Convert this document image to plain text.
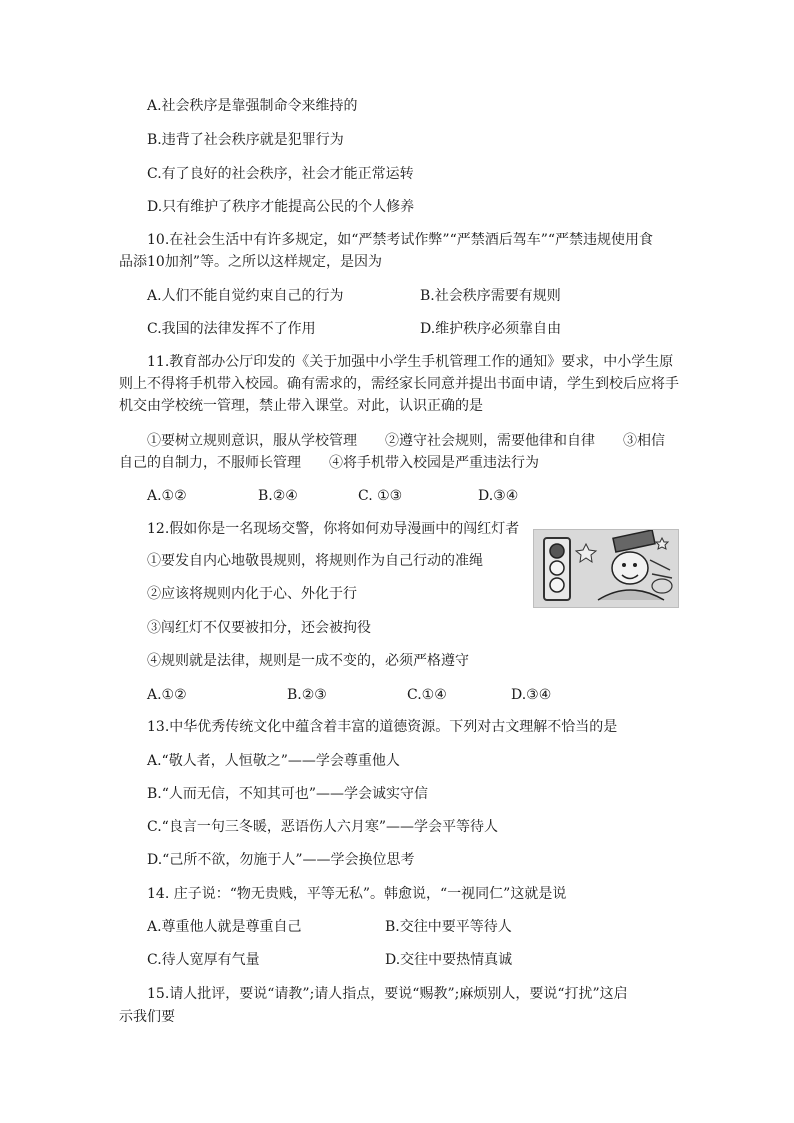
A.社会秩序是靠强制命令来维持的
B.违背了社会秩序就是犯罪行为
C.有了良好的社会秩序，社会才能正常运转
D.只有维护了秩序才能提高公民的个人修养
10.在社会生活中有许多规定，如“严禁考试作弊”“严禁酒后驾车”“严禁违规使用食
品添10加剂”等。之所以这样规定，是因为
A.人们不能自觉约束自己的行为	B.社会秩序需要有规则
C.我国的法律发挥不了作用	D.维护秩序必须靠自由
11.教育部办公厅印发的《关于加强中小学生手机管理工作的通知》要求，中小学生原
则上不得将手机带入校园。确有需求的，需经家长同意并提出书面申请，学生到校后应将手
机交由学校统一管理，禁止带入课堂。对此，认识正确的是
①要树立规则意识，服从学校管理　　②遵守社会规则，需要他律和自律　　③相信
自己的自制力，不服师长管理　　④将手机带入校园是严重违法行为
A.①②	B.②④	C. ①③	D.③④
12.假如你是一名现场交警，你将如何劝导漫画中的闯红灯者
①要发自内心地敬畏规则，将规则作为自己行动的准绳
②应该将规则内化于心、外化于行
③闯红灯不仅要被扣分，还会被拘役
④规则就是法律，规则是一成不变的，必须严格遵守
A.①②	B.②③	C.①④	D.③④
13.中华优秀传统文化中蕴含着丰富的道德资源。下列对古文理解不恰当的是
A.“敬人者，人恒敬之”——学会尊重他人
B.“人而无信，不知其可也”——学会诚实守信
C.“良言一句三冬暖，恶语伤人六月寒”——学会平等待人
D.“己所不欲，勿施于人”——学会换位思考
14. 庄子说：“物无贵贱，平等无私”。韩愈说，“一视同仁”这就是说
A.尊重他人就是尊重自己	B.交往中要平等待人
C.待人宽厚有气量	D.交往中要热情真诚
15.请人批评，要说“请教”;请人指点，要说“赐教”;麻烦别人，要说“打扰”这启
示我们要
